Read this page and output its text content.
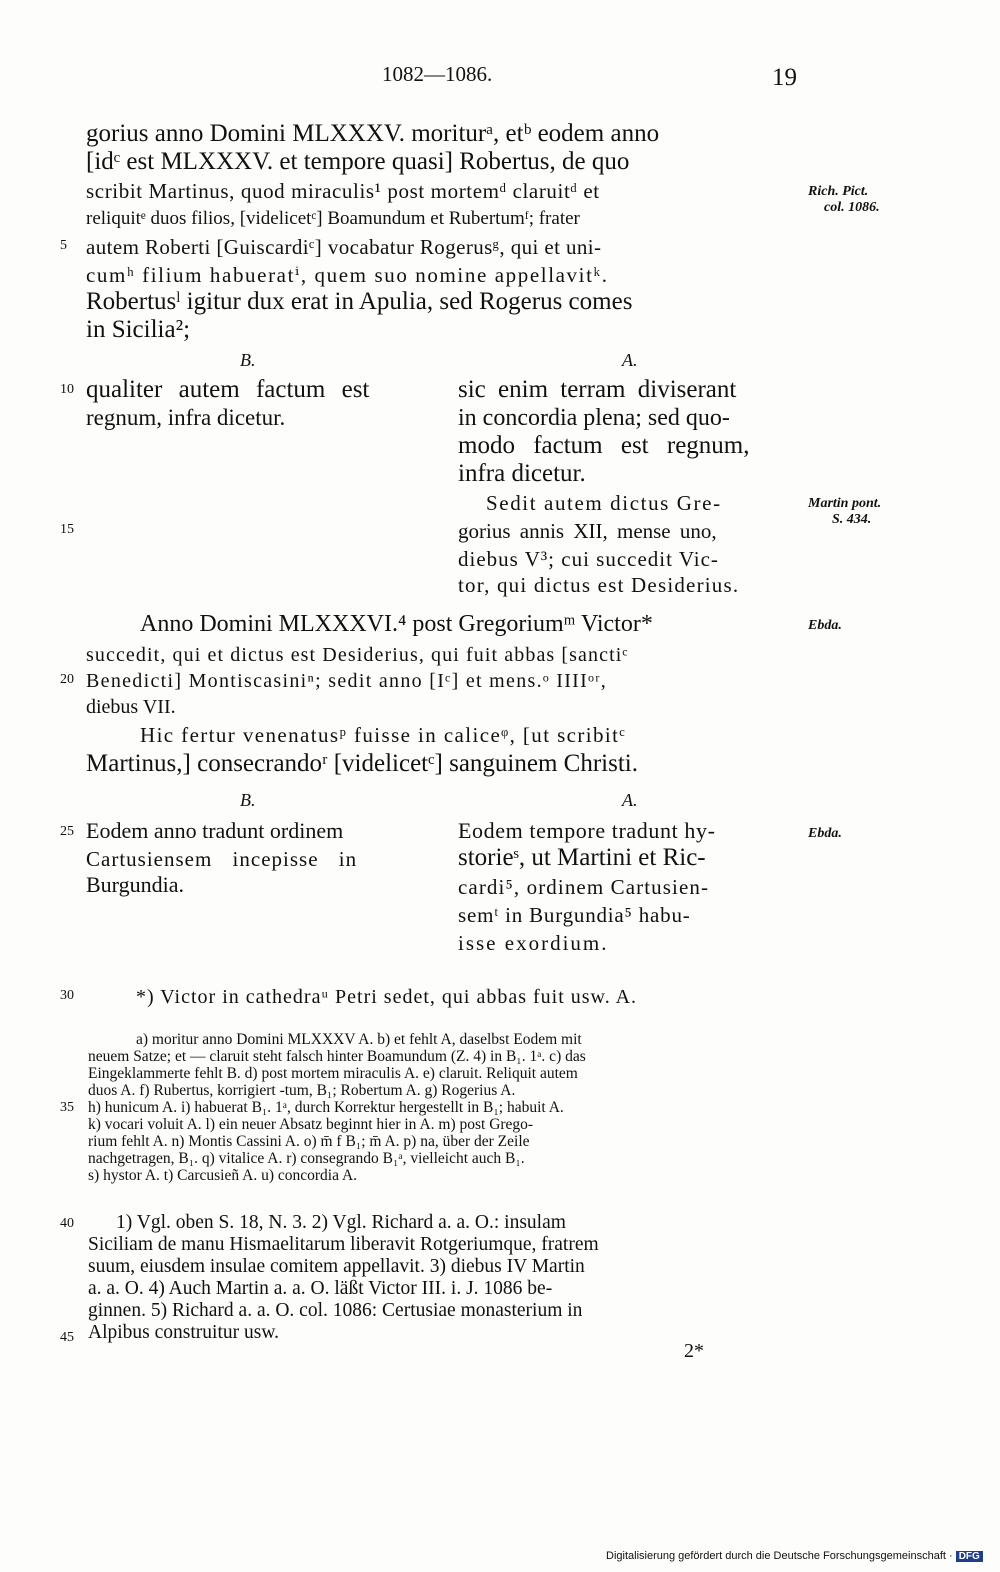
1082—1086.	19
5
10
15
20
25
30
35
40
45
gorius anno Domini MLXXXV. moriturᵃ, etᵇ eodem anno
[idᶜ est MLXXXV. et tempore quasi] Robertus, de quo
scribit Martinus, quod miraculis¹ post mortemᵈ claruitᵈ et
reliquitᵉ duos filios, [videlicetᶜ] Boamundum et Rubertumᶠ; frater
autem Roberti [Guiscardiᶜ] vocabatur Rogerusᵍ, qui et uni-
cumʰ filium habueratⁱ, quem suo nomine appellavitᵏ.
Robertusˡ igitur dux erat in Apulia, sed Rogerus comes
in Sicilia²;
Rich. Pict.
col. 1086.
B.	A.
qualiter autem factum est
regnum, infra dicetur.
sic enim terram diviserant
in concordia plena; sed quo-
modo factum est regnum,
infra dicetur.
Sedit autem dictus Gre-
gorius annis XII, mense uno,
diebus V³; cui succedit Vic-
tor, qui dictus est Desiderius.
Martin pont.
S. 434.
Anno Domini MLXXXVI.⁴ post Gregoriumᵐ Victor*
succedit, qui et dictus est Desiderius, qui fuit abbas [sanctiᶜ
Benedicti] Montiscasiniⁿ; sedit anno [Iᶜ] et mens.ᵒ IIIIᵒʳ,
diebus VII.
Hic fertur venenatusᵖ fuisse in caliceᵠ, [ut scribitᶜ
Martinus,] consecrandoʳ [videlicetᶜ] sanguinem Christi.
Ebda.
B.	A.
Eodem anno tradunt ordinem
Cartusiensem incepisse in
Burgundia.
Eodem tempore tradunt hy-
storieˢ, ut Martini et Ric-
cardi⁵, ordinem Cartusien-
semᵗ in Burgundia⁵ habu-
isse exordium.
Ebda.
*) Victor in cathedraᵘ Petri sedet, qui abbas fuit usw. A.
a) moritur anno Domini MLXXXV A. b) et fehlt A, daselbst Eodem mit
neuem Satze; et — claruit steht falsch hinter Boamundum (Z. 4) in B₁. 1ᵃ. c) das
Eingeklammerte fehlt B. d) post mortem miraculis A. e) claruit. Reliquit autem
duos A. f) Rubertus, korrigiert -tum, B₁; Robertum A. g) Rogerius A.
h) hunicum A. i) habuerat B₁. 1ᵃ, durch Korrektur hergestellt in B₁; habuit A.
k) vocari voluit A. l) ein neuer Absatz beginnt hier in A. m) post Grego-
rium fehlt A. n) Montis Cassini A. o) m̄ f B₁; m̄ A. p) na, über der Zeile
nachgetragen, B₁. q) vitalice A. r) consegrando B₁ᵃ, vielleicht auch B₁.
s) hystor A. t) Carcusieñ A. u) concordia A.
1) Vgl. oben S. 18, N. 3. 2) Vgl. Richard a. a. O.: insulam
Siciliam de manu Hismaelitarum liberavit Rotgeriumque, fratrem
suum, eiusdem insulae comitem appellavit. 3) diebus IV Martin
a. a. O. 4) Auch Martin a. a. O. läßt Victor III. i. J. 1086 be-
ginnen. 5) Richard a. a. O. col. 1086: Certusiae monasterium in
Alpibus construitur usw.
2*
Digitalisierung gefördert durch die Deutsche Forschungsgemeinschaft · DFG
